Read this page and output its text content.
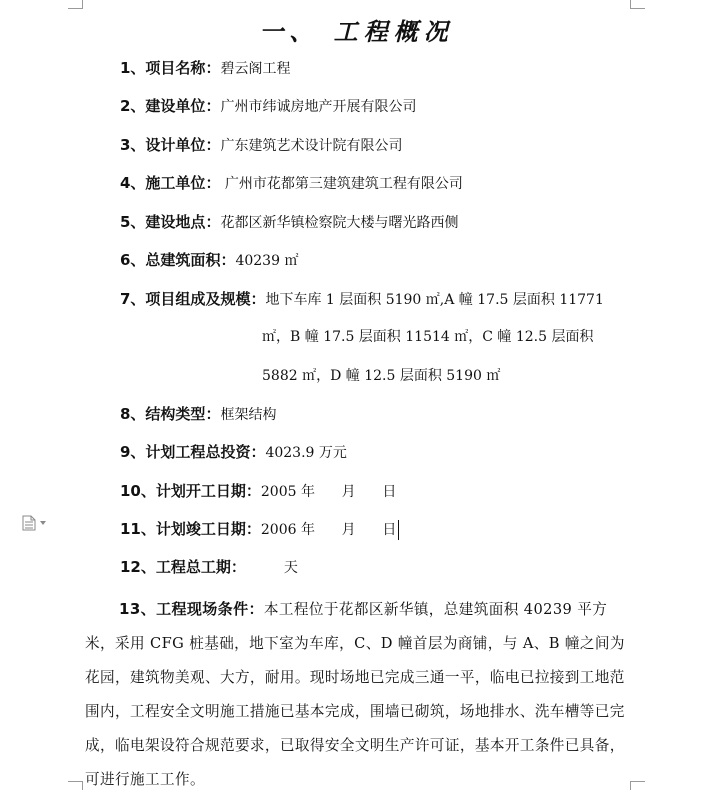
一、 工程概况
1、项目名称：碧云阁工程
2、建设单位：广州市纬诚房地产开展有限公司
3、设计单位：广东建筑艺术设计院有限公司
4、施工单位： 广州市花都第三建筑建筑工程有限公司
5、建设地点：花都区新华镇检察院大楼与曙光路西侧
6、总建筑面积：40239 ㎡
7、项目组成及规模：地下车库 1 层面积 5190 ㎡,A 幢 17.5 层面积 11771
㎡，B 幢 17.5 层面积 11514 ㎡，C 幢 12.5 层面积
5882 ㎡，D 幢 12.5 层面积 5190 ㎡
8、结构类型：框架结构
9、计划工程总投资：4023.9 万元
10、计划开工日期：2005 年      月      日
11、计划竣工日期：2006 年      月      日
12、工程总工期：	天
13、工程现场条件：本工程位于花都区新华镇，总建筑面积 40239 平方米，采用 CFG 桩基础，地下室为车库，C、D 幢首层为商铺，与 A、B 幢之间为花园，建筑物美观、大方，耐用。现时场地已完成三通一平，临电已拉接到工地范围内，工程安全文明施工措施已基本完成，围墙已砌筑，场地排水、洗车槽等已完成，临电架设符合规范要求，已取得安全文明生产许可证，基本开工条件已具备，可进行施工工作。
